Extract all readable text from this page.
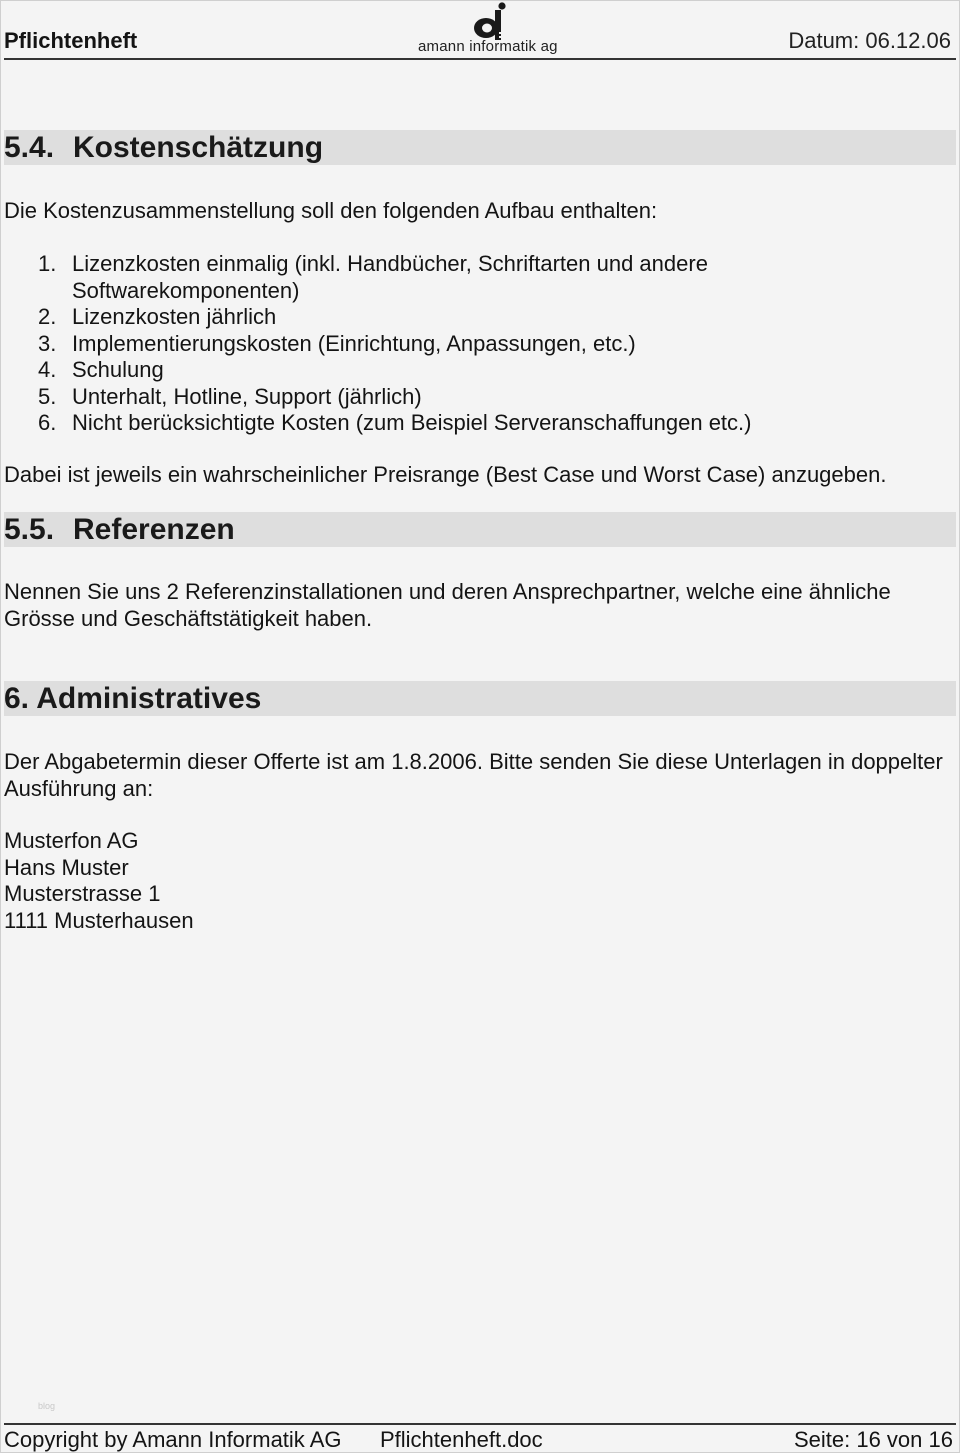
Pflichtenheft	amann informatik ag	Datum: 06.12.06
5.4. Kostenschätzung
Die Kostenzusammenstellung soll den folgenden Aufbau enthalten:
1. Lizenzkosten einmalig (inkl. Handbücher, Schriftarten und andere Softwarekomponenten)
2. Lizenzkosten jährlich
3. Implementierungskosten (Einrichtung, Anpassungen, etc.)
4. Schulung
5. Unterhalt, Hotline, Support (jährlich)
6. Nicht berücksichtigte Kosten (zum Beispiel Serveranschaffungen etc.)
Dabei ist jeweils ein wahrscheinlicher Preisrange (Best Case und Worst Case) anzugeben.
5.5. Referenzen
Nennen Sie uns 2 Referenzinstallationen und deren Ansprechpartner, welche eine ähnliche Grösse und Geschäftstätigkeit haben.
6. Administratives
Der Abgabetermin dieser Offerte ist am 1.8.2006. Bitte senden Sie diese Unterlagen in doppelter Ausführung an:
Musterfon AG
Hans Muster
Musterstrasse 1
1111 Musterhausen
blog
Copyright by Amann Informatik AG Pflichtenheft.doc	Seite: 16 von 16
